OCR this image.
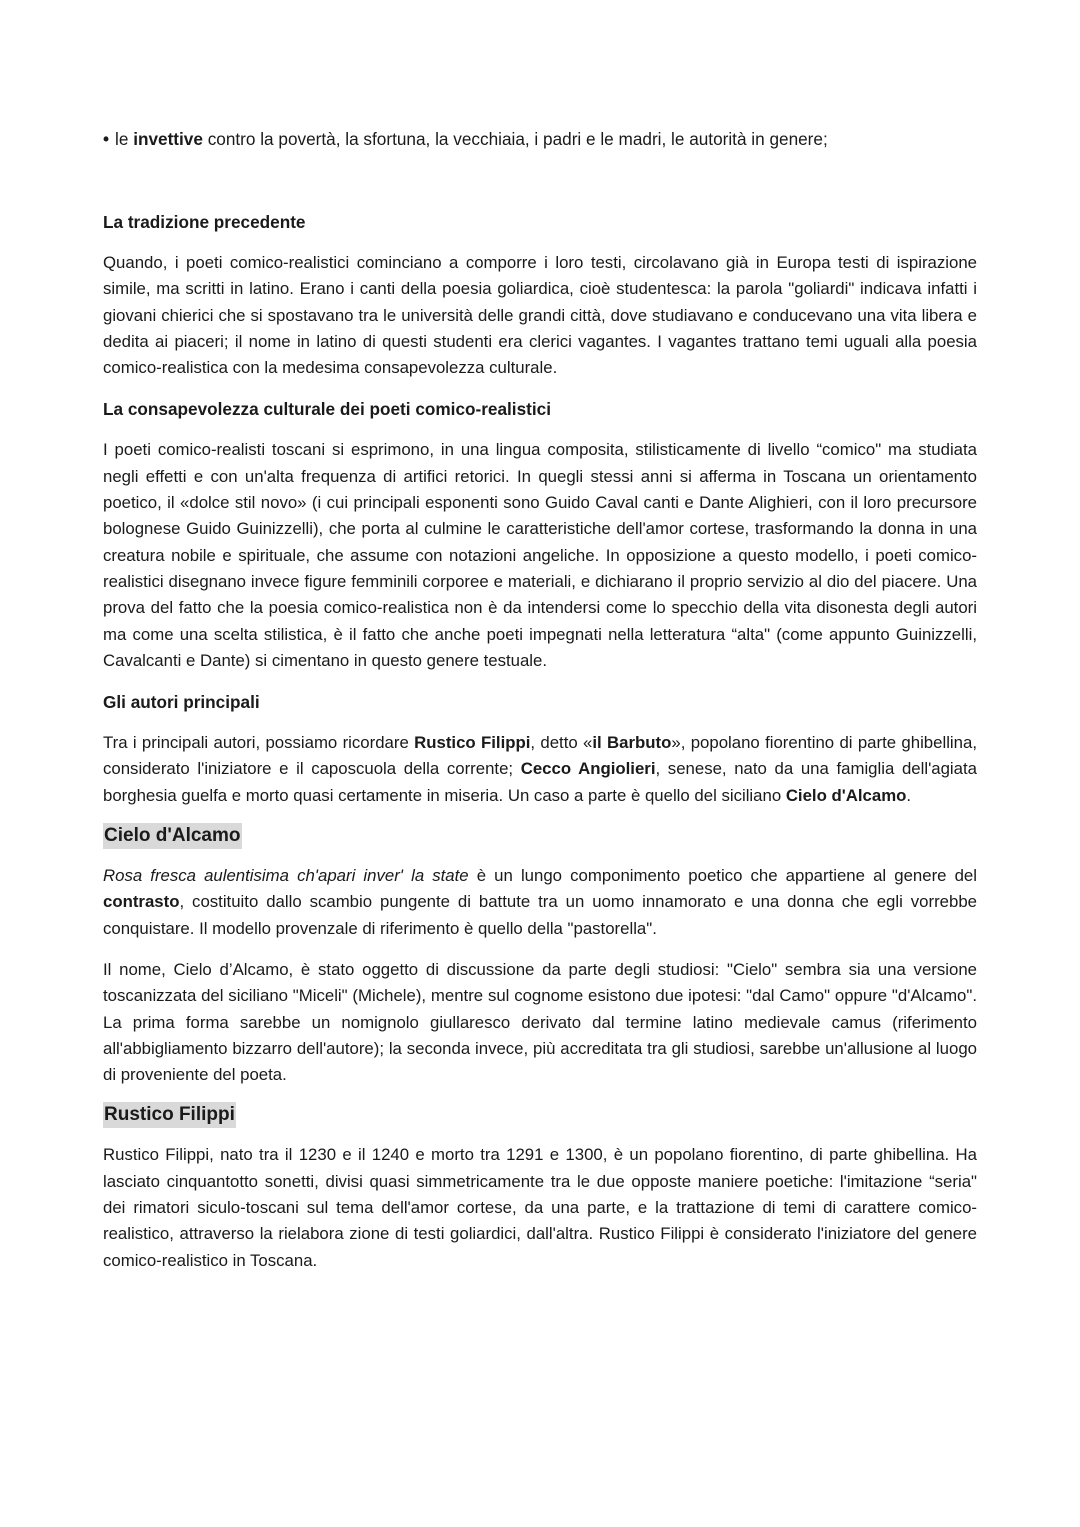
• le invettive contro la povertà, la sfortuna, la vecchiaia, i padri e le madri, le autorità in genere;

La tradizione precedente

Quando, i poeti comico-realistici cominciano a comporre i loro testi, circolavano già in Europa testi di ispirazione simile, ma scritti in latino. Erano i canti della poesia goliardica, cioè studentesca: la parola "goliardi" indicava infatti i giovani chierici che si spostavano tra le università delle grandi città, dove studiavano e conducevano una vita libera e dedita ai piaceri; il nome in latino di questi studenti era clerici vagantes. I vagantes trattano temi uguali alla poesia comico-realistica con la medesima consapevolezza culturale.

La consapevolezza culturale dei poeti comico-realistici

I poeti comico-realisti toscani si esprimono, in una lingua composita, stilisticamente di livello “comico" ma studiata negli effetti e con un'alta frequenza di artifici retorici. In quegli stessi anni si afferma in Toscana un orientamento poetico, il «dolce stil novo» (i cui principali esponenti sono Guido Caval canti e Dante Alighieri, con il loro precursore bolognese Guido Guinizzelli), che porta al culmine le caratteristiche dell'amor cortese, trasformando la donna in una creatura nobile e spirituale, che assume con notazioni angeliche. In opposizione a questo modello, i poeti comico-realistici disegnano invece figure femminili corporee e materiali, e dichiarano il proprio servizio al dio del piacere. Una prova del fatto che la poesia comico-realistica non è da intendersi come lo specchio della vita disonesta degli autori ma come una scelta stilistica, è il fatto che anche poeti impegnati nella letteratura “alta" (come appunto Guinizzelli, Cavalcanti e Dante) si cimentano in questo genere testuale.

Gli autori principali

Tra i principali autori, possiamo ricordare Rustico Filippi, detto «il Barbuto», popolano fiorentino di parte ghibellina, considerato l'iniziatore e il caposcuola della corrente; Cecco Angiolieri, senese, nato da una famiglia dell'agiata borghesia guelfa e morto quasi certamente in miseria. Un caso a parte è quello del siciliano Cielo d'Alcamo.

Cielo d'Alcamo

Rosa fresca aulentisima ch'apari inver' la state è un lungo componimento poetico che appartiene al genere del contrasto, costituito dallo scambio pungente di battute tra un uomo innamorato e una donna che egli vorrebbe conquistare. Il modello provenzale di riferimento è quello della "pastorella".

Il nome, Cielo d’Alcamo, è stato oggetto di discussione da parte degli studiosi: "Cielo" sembra sia una versione toscanizzata del siciliano "Miceli" (Michele), mentre sul cognome esistono due ipotesi: "dal Camo" oppure "d'Alcamo". La prima forma sarebbe un nomignolo giullaresco derivato dal termine latino medievale camus (riferimento all'abbigliamento bizzarro dell'autore); la seconda invece, più accreditata tra gli studiosi, sarebbe un'allusione al luogo di proveniente del poeta.

Rustico Filippi

Rustico Filippi, nato tra il 1230 e il 1240 e morto tra 1291 e 1300, è un popolano fiorentino, di parte ghibellina. Ha lasciato cinquantotto sonetti, divisi quasi simmetricamente tra le due opposte maniere poetiche: l'imitazione “seria" dei rimatori siculo-toscani sul tema dell'amor cortese, da una parte, e la trattazione di temi di carattere comico-realistico, attraverso la rielabora zione di testi goliardici, dall'altra. Rustico Filippi è considerato l'iniziatore del genere comico-realistico in Toscana.
